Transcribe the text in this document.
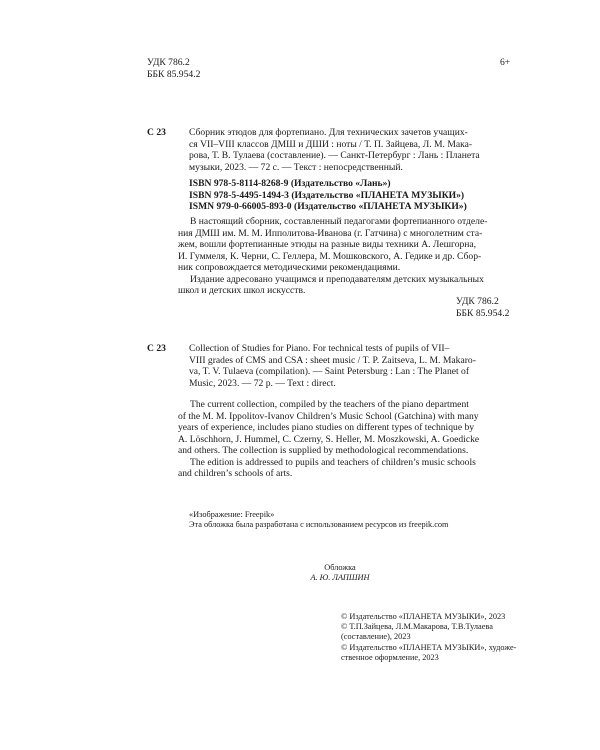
УДК 786.2
ББК 85.954.2
6+
С 23 Сборник этюдов для фортепиано. Для технических зачетов учащих-
ся VII–VIII классов ДМШ и ДШИ : ноты / Т. П. Зайцева, Л. М. Мака-
рова, Т. В. Тулаева (составление). — Санкт-Петербург : Лань : Планета
музыки, 2023. — 72 с. — Текст : непосредственный.
ISBN 978-5-8114-8268-9 (Издательство «Лань»)
ISBN 978-5-4495-1494-3 (Издательство «ПЛАНЕТА МУЗЫКИ»)
ISMN 979-0-66005-893-0 (Издательство «ПЛАНЕТА МУЗЫКИ»)
В настоящий сборник, составленный педагогами фортепианного отделе-
ния ДМШ им. М. М. Ипполитова-Иванова (г. Гатчина) с многолетним ста-
жем, вошли фортепианные этюды на разные виды техники А. Лешгорна,
И. Гуммеля, К. Черни, С. Геллера, М. Мошковского, А. Гедике и др. Сбор-
ник сопровождается методическими рекомендациями.
Издание адресовано учащимся и преподавателям детских музыкальных
школ и детских школ искусств.
УДК 786.2
ББК 85.954.2
С 23 Collection of Studies for Piano. For technical tests of pupils of VII–
VIII grades of CMS and CSA : sheet music / T. P. Zaitseva, L. M. Makaro-
va, T. V. Tulaeva (compilation). — Saint Petersburg : Lan : The Planet of
Music, 2023. — 72 p. — Text : direct.
The current collection, compiled by the teachers of the piano department
of the M. M. Ippolitov-Ivanov Children’s Music School (Gatchina) with many
years of experience, includes piano studies on different types of technique by
A. Löschhorn, J. Hummel, C. Czerny, S. Heller, M. Moszkowski, A. Goedicke
and others. The collection is supplied by methodological recommendations.
The edition is addressed to pupils and teachers of children’s music schools
and children’s schools of arts.
«Изображение: Freepik»
Эта обложка была разработана с использованием ресурсов из freepik.com
Обложка
А. Ю. ЛАПШИН
© Издательство «ПЛАНЕТА МУЗЫКИ», 2023
© Т.П.Зайцева, Л.М.Макарова, Т.В.Тулаева
(составление), 2023
© Издательство «ПЛАНЕТА МУЗЫКИ», художе-
ственное оформление, 2023
